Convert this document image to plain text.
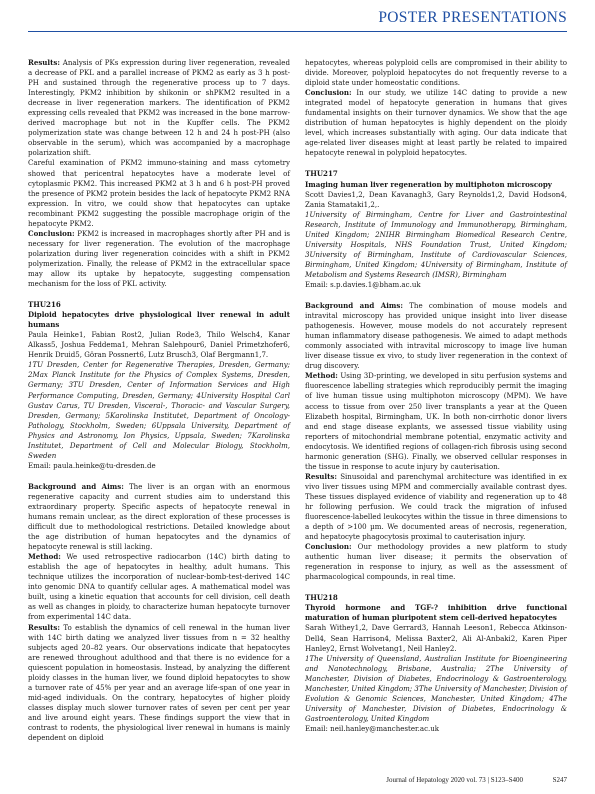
POSTER PRESENTATIONS

Results: Analysis of PKs expression during liver regeneration, revealed a decrease of PKL and a parallel increase of PKM2 as early as 3 h post-PH and sustained through the regenerative process up to 7 days. Interestingly, PKM2 inhibition by shikonin or shPKM2 resulted in a decrease in liver regeneration markers. The identification of PKM2 expressing cells revealed that PKM2 was increased in the bone marrow-derived macrophage but not in the Kupffer cells. The PKM2 polymerization state was change between 12 h and 24 h post-PH (also observable in the serum), which was accompanied by a macrophage polarization shift.

Careful examination of PKM2 immuno-staining and mass cytometry showed that pericentral hepatocytes have a moderate level of cytoplasmic PKM2. This increased PKM2 at 3 h and 6 h post-PH proved the presence of PKM2 protein besides the lack of hepatocyte PKM2 RNA expression. In vitro, we could show that hepatocytes can uptake recombinant PKM2 suggesting the possible macrophage origin of the hepatocyte PKM2.

Conclusion: PKM2 is increased in macrophages shortly after PH and is necessary for liver regeneration. The evolution of the macrophage polarization during liver regeneration coincides with a shift in PKM2 polymerization. Finally, the release of PKM2 in the extracellular space may allow its uptake by hepatocyte, suggesting compensation mechanism for the loss of PKL activity.

THU216

Diploid hepatocytes drive physiological liver renewal in adult humans

Paula Heinke1, Fabian Rost2, Julian Rode3, Thilo Welsch4, Kanar Alkass5, Joshua Feddema1, Mehran Salehpour6, Daniel Primetzhofer6, Henrik Druid5, Göran Possnert6, Lutz Brusch3, Olaf Bergmann1,7.

1TU Dresden, Center for Regenerative Therapies, Dresden, Germany; 2Max Planck Institute for the Physics of Complex Systems, Dresden, Germany; 3TU Dresden, Center of Information Services and High Performance Computing, Dresden, Germany; 4University Hospital Carl Gustav Carus, TU Dresden, Visceral-, Thoracic- and Vascular Surgery, Dresden, Germany; 5Karolinska Institutet, Department of Oncology-Pathology, Stockholm, Sweden; 6Uppsala University, Department of Physics and Astronomy, Ion Physics, Uppsala, Sweden; 7Karolinska Institutet, Department of Cell and Molecular Biology, Stockholm, Sweden

Email: paula.heinke@tu-dresden.de

Background and Aims: The liver is an organ with an enormous regenerative capacity and current studies aim to understand this extraordinary property. Specific aspects of hepatocyte renewal in humans remain unclear, as the direct exploration of these processes is difficult due to methodological restrictions. Detailed knowledge about the age distribution of human hepatocytes and the dynamics of hepatocyte renewal is still lacking.

Method: We used retrospective radiocarbon (14C) birth dating to establish the age of hepatocytes in healthy, adult humans. This technique utilizes the incorporation of nuclear-bomb-test-derived 14C into genomic DNA to quantify cellular ages. A mathematical model was built, using a kinetic equation that accounts for cell division, cell death as well as changes in ploidy, to characterize human hepatocyte turnover from experimental 14C data.

Results: To establish the dynamics of cell renewal in the human liver with 14C birth dating we analyzed liver tissues from n = 32 healthy subjects aged 20–82 years. Our observations indicate that hepatocytes are renewed throughout adulthood and that there is no evidence for a quiescent population in homeostasis. Instead, by analyzing the different ploidy classes in the human liver, we found diploid hepatocytes to show a turnover rate of 45% per year and an average life-span of one year in mid-aged individuals. On the contrary, hepatocytes of higher ploidy classes display much slower turnover rates of seven per cent per year and live around eight years. These findings support the view that in contrast to rodents, the physiological liver renewal in humans is mainly dependent on diploid

hepatocytes, whereas polyploid cells are compromised in their ability to divide. Moreover, polyploid hepatocytes do not frequently reverse to a diploid state under homeostatic conditions.

Conclusion: In our study, we utilize 14C dating to provide a new integrated model of hepatocyte generation in humans that gives fundamental insights on their turnover dynamics. We show that the age distribution of human hepatocytes is highly dependent on the ploidy level, which increases substantially with aging. Our data indicate that age-related liver diseases might at least partly be related to impaired hepatocyte renewal in polyploid hepatocytes.

THU217

Imaging human liver regeneration by multiphoton microscopy

Scott Davies1,2, Dean Kavanagh3, Gary Reynolds1,2, David Hodson4, Zania Stamataki1,2,.

1University of Birmingham, Centre for Liver and Gastrointestinal Research, Institute of Immunology and Immunotherapy, Birmingham, United Kingdom; 2NIHR Birmingham Biomedical Research Centre, University Hospitals, NHS Foundation Trust, United Kingdom; 3University of Birmingham, Institute of Cardiovascular Sciences, Birmingham, United Kingdom; 4University of Birmingham, Institute of Metabolism and Systems Research (IMSR), Birmingham

Email: s.p.davies.1@bham.ac.uk

Background and Aims: The combination of mouse models and intravital microscopy has provided unique insight into liver disease pathogenesis. However, mouse models do not accurately represent human inflammatory disease pathogenesis. We aimed to adapt methods commonly associated with intravital microscopy to image live human liver disease tissue ex vivo, to study liver regeneration in the context of drug discovery.

Method: Using 3D-printing, we developed in situ perfusion systems and fluorescence labelling strategies which reproducibly permit the imaging of live human tissue using multiphoton microscopy (MPM). We have access to tissue from over 250 liver transplants a year at the Queen Elizabeth hospital, Birmingham, UK. In both non-cirrhotic donor livers and end stage disease explants, we assessed tissue viability using reporters of mitochondrial membrane potential, enzymatic activity and endocytosis. We identified regions of collagen-rich fibrosis using second harmonic generation (SHG). Finally, we observed cellular responses in the tissue in response to acute injury by cauterisation.

Results: Sinusoidal and parenchymal architecture was identified in ex vivo liver tissues using MPM and commercially available contrast dyes. These tissues displayed evidence of viability and regeneration up to 48 hr following perfusion. We could track the migration of infused fluorescence-labelled leukocytes within the tissue in three dimensions to a depth of >100 µm. We documented areas of necrosis, regeneration, and hepatocyte phagocytosis proximal to cauterisation injury.

Conclusion: Our methodology provides a new platform to study authentic human liver disease; it permits the observation of regeneration in response to injury, as well as the assessment of pharmacological compounds, in real time.

THU218

Thyroid hormone and TGF-? inhibition drive functional maturation of human pluripotent stem cell-derived hepatocytes

Sarah Withey1,2, Dave Gerrard3, Hannah Leeson1, Rebecca Atkinson-Dell4, Sean Harrison4, Melissa Baxter2, Ali Al-Anbaki2, Karen Piper Hanley2, Ernst Wolvetang1, Neil Hanley2.

1The University of Queensland, Australian Institute for Bioengineering and Nanotechnology, Brisbane, Australia; 2The University of Manchester, Division of Diabetes, Endocrinology & Gastroenterology, Manchester, United Kingdom; 3The University of Manchester, Division of Evolution & Genomic Sciences, Manchester, United Kingdom; 4The University of Manchester, Division of Diabetes, Endocrinology & Gastroenterology, United Kingdom

Email: neil.hanley@manchester.ac.uk

Journal of Hepatology 2020 vol. 73 | S123–S400	S247
